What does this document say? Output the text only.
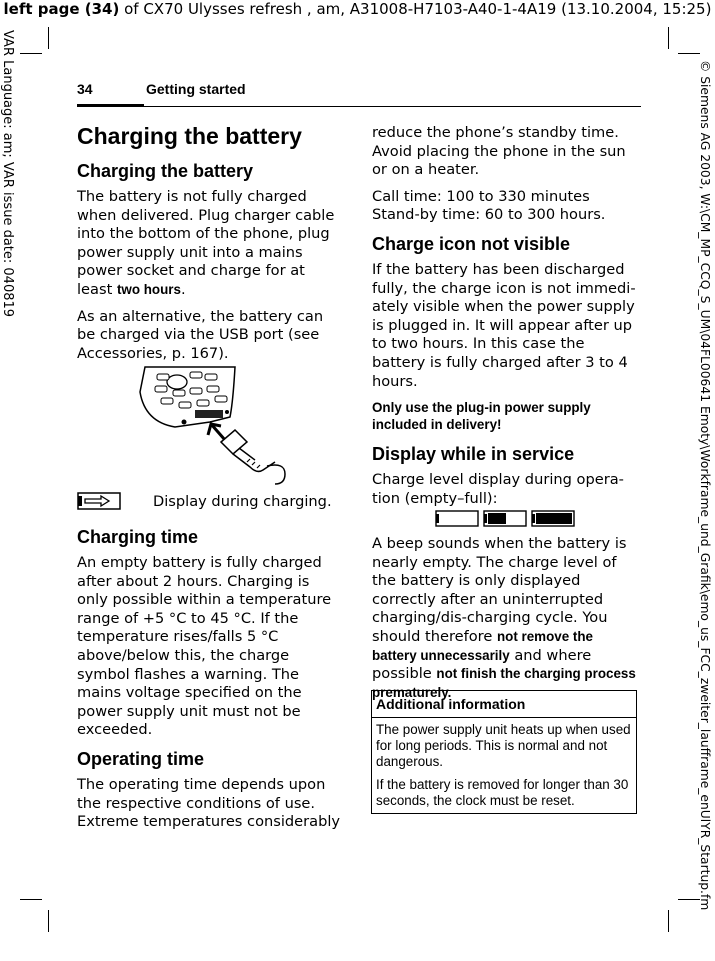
left page (34) of CX70 Ulysses refresh , am, A31008-H7103-A40-1-4A19 (13.10.2004, 15:25)
VAR Language: am; VAR issue date: 040819	© Siemens AG 2003, W:\CM_MP_CCQ_S_UM\04FL00641 Emoty\Workframe_und_Grafik\emo_us_FCC_zweiter_laufframe_enUlYR_Startup.fm
34	Getting started
Charging the battery
Charging the battery

The battery is not fully charged when delivered. Plug charger cable into the bottom of the phone, plug power supply unit into a mains power socket and charge for at least two hours.

As an alternative, the battery can be charged via the USB port (see Accessories, p. 167).

Display during charging.
Charging time

An empty battery is fully charged after about 2 hours. Charging is only possible within a temperature range of +5 °C to 45 °C. If the temperature rises/falls 5 °C above/below this, the charge symbol flashes a warning. The mains voltage specified on the power supply unit must not be exceeded.

Operating time

The operating time depends upon the respective conditions of use. Extreme temperatures considerably

reduce the phone’s standby time. Avoid placing the phone in the sun or on a heater.

Call time: 100 to 330 minutes

Stand-by time: 60 to 300 hours.

Charge icon not visible

If the battery has been discharged fully, the charge icon is not immedi-ately visible when the power supply is plugged in. It will appear after up to two hours. In this case the battery is fully charged after 3 to 4 hours.

Only use the plug-in power supply included in delivery!
Display while in service

Charge level display during opera-tion (empty–full):

A beep sounds when the battery is nearly empty. The charge level of the battery is only displayed correctly after an uninterrupted charging/dis-charging cycle. You should therefore not remove the battery unnecessarily and where possible not finish the charging process prematurely.

Additional information
The power supply unit heats up when used for long periods. This is normal and not dangerous.
If the battery is removed for longer than 30 seconds, the clock must be reset.
